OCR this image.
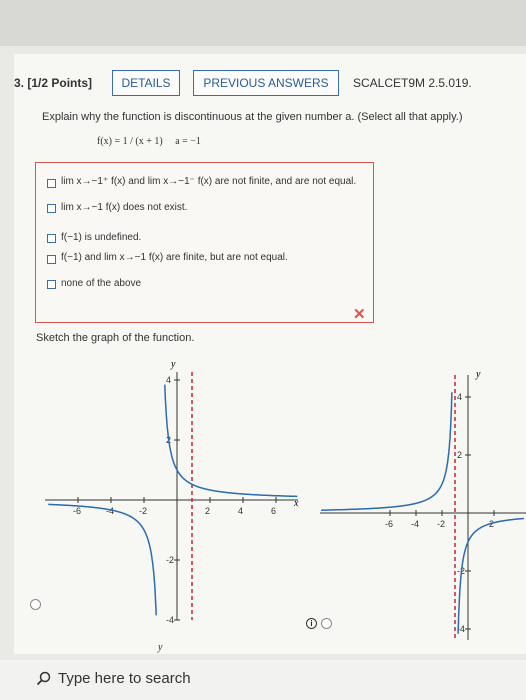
3. [1/2 Points]	DETAILS	PREVIOUS ANSWERS	SCALCET9M 2.5.019.
Explain why the function is discontinuous at the given number a. (Select all that apply.)
f(x) = 1 / (x + 1) a = −1
lim x→−1⁺ f(x) and lim x→−1⁻ f(x) are not finite, and are not equal.
lim x→−1 f(x) does not exist.
f(−1) is undefined.
f(−1) and lim x→−1 f(x) are finite, but are not equal.
none of the above
✕
Sketch the graph of the function.
y
x
-6	-4	-2	2	4	6
-4
-2
2
4	y
-6 -4 -2	2
-4
-2
2
4
i
y
Type here to search
